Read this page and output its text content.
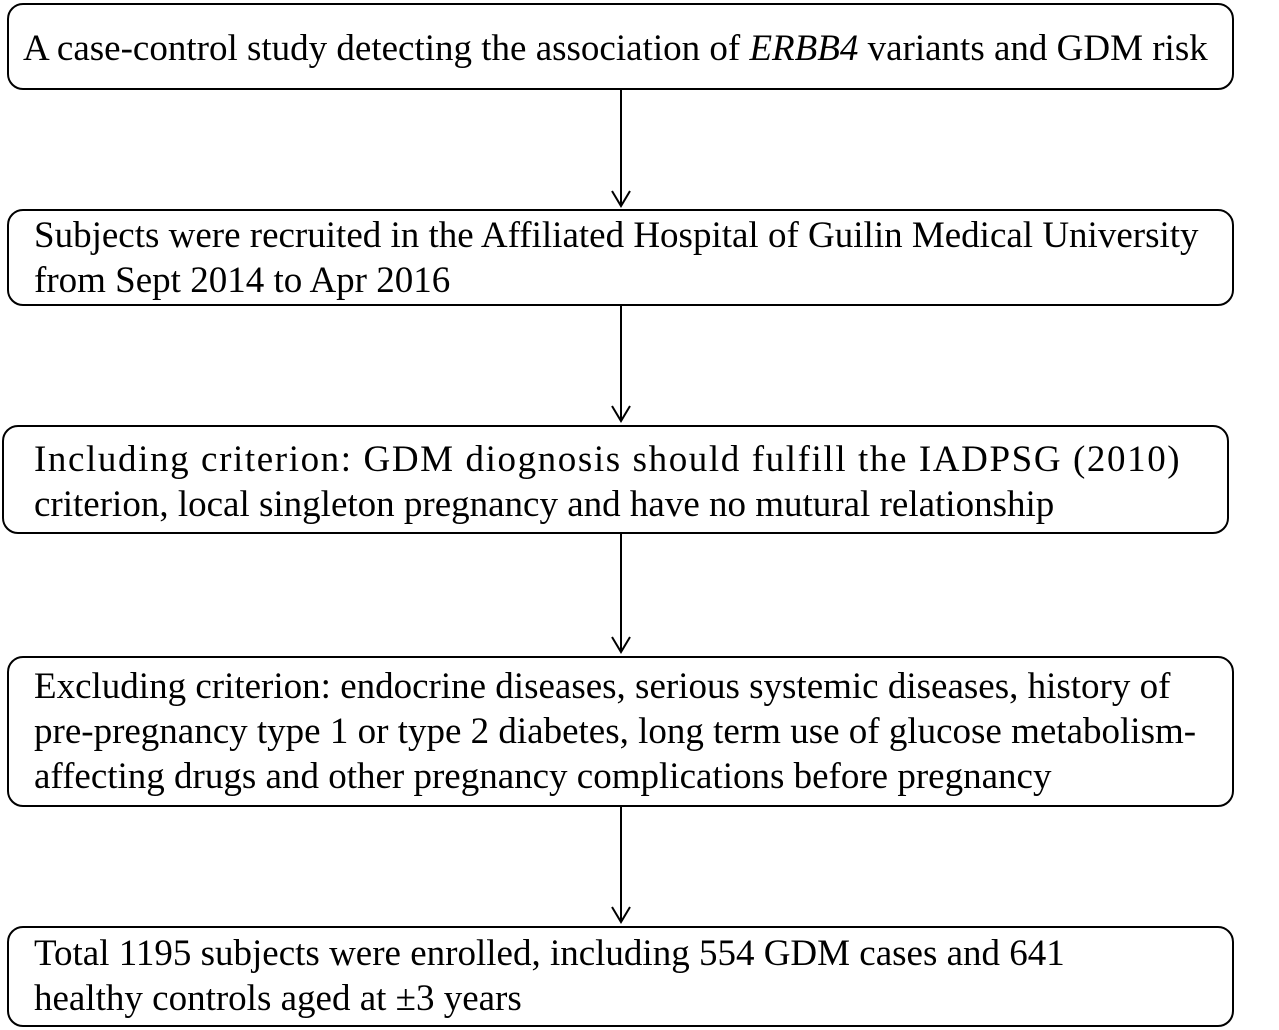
A case-control study detecting the association of ERBB4 variants and GDM risk
Subjects were recruited in the Affiliated Hospital of Guilin Medical University
from Sept 2014 to Apr 2016
Including criterion: GDM diognosis should fulfill the IADPSG (2010)
criterion, local singleton pregnancy and have no mutural relationship
Excluding criterion: endocrine diseases, serious systemic diseases, history of
pre-pregnancy type 1 or type 2 diabetes, long term use of glucose metabolism-
affecting drugs and other pregnancy complications before pregnancy
Total 1195 subjects were enrolled, including 554 GDM cases and 641
healthy controls aged at ±3 years
